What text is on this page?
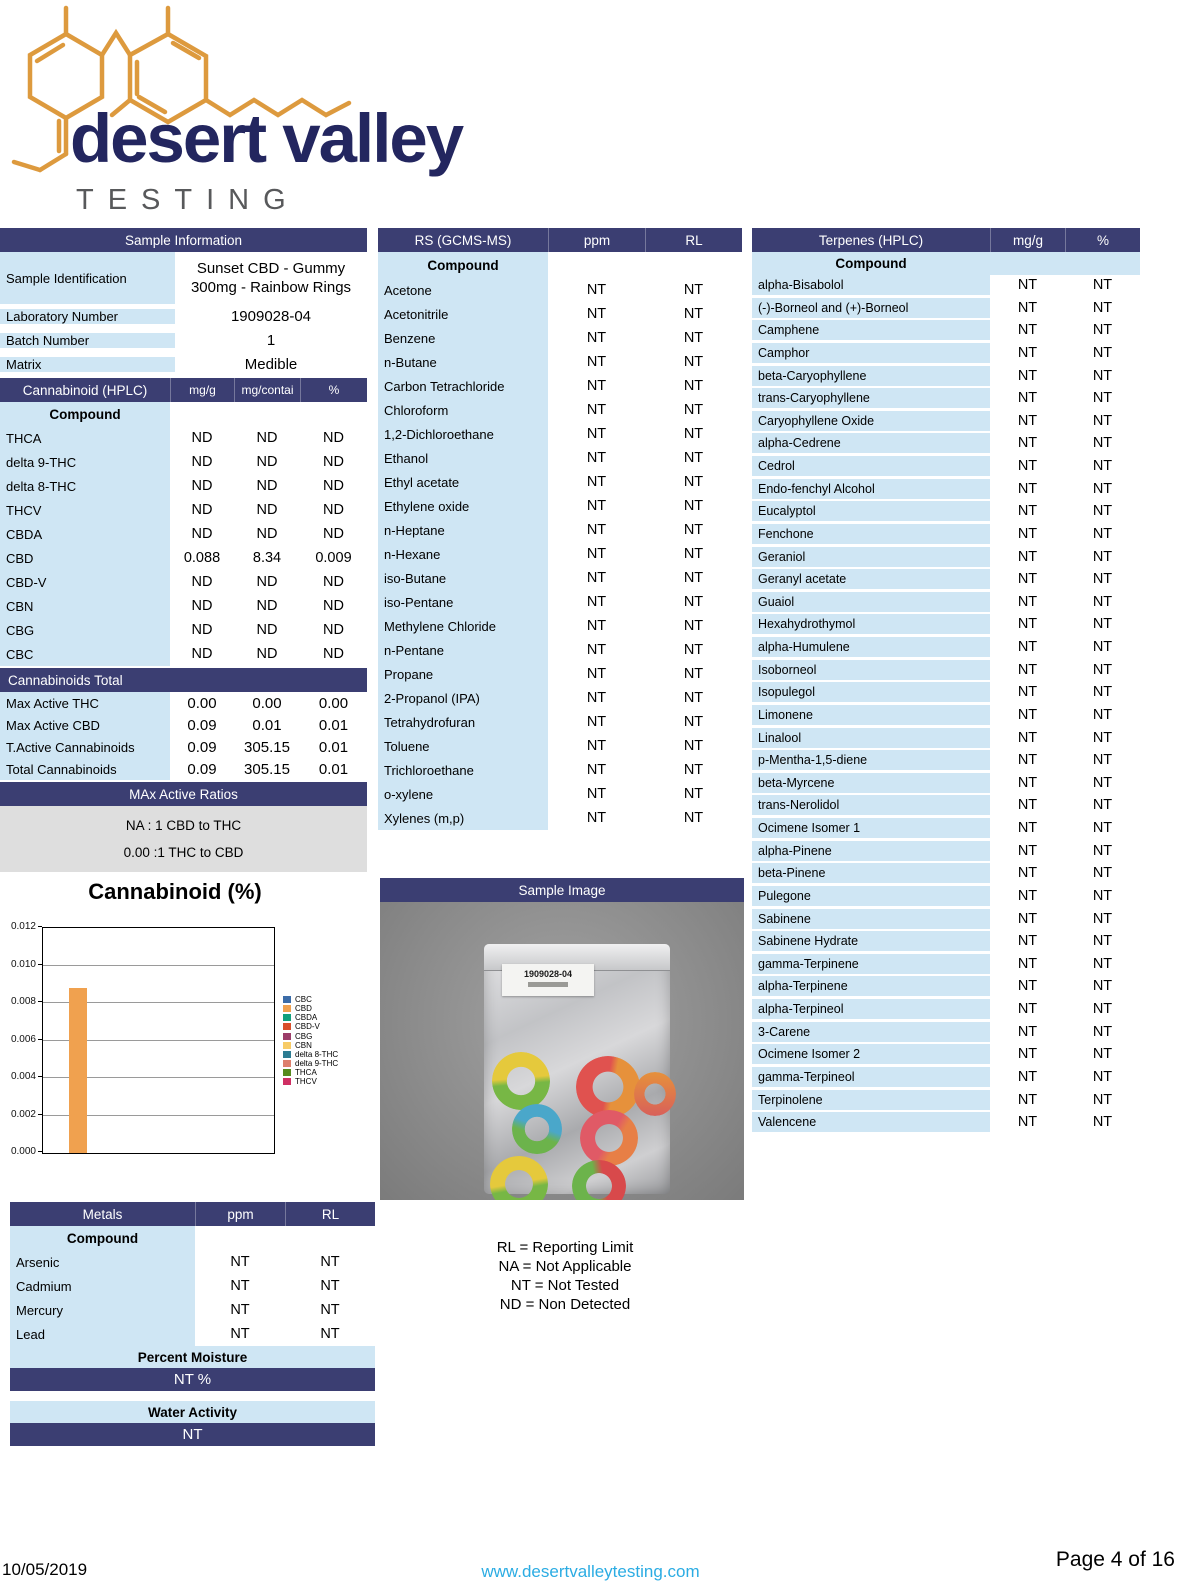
desert valley
TESTING
Sample Information
Sample Identification
Sunset CBD - Gummy 300mg - Rainbow Rings
Laboratory Number	1909028-04
Batch Number	1
Matrix	Medible
Cannabinoid (HPLC)	mg/g	mg/contai	%
Compound
THCA	ND	ND	ND
delta 9-THC	ND	ND	ND
delta 8-THC	ND	ND	ND
THCV	ND	ND	ND
CBDA	ND	ND	ND
CBD	0.088	8.34	0.009
CBD-V	ND	ND	ND
CBN	ND	ND	ND
CBG	ND	ND	ND
CBC	ND	ND	ND
Cannabinoids Total
Max Active THC	0.00	0.00	0.00
Max Active CBD	0.09	0.01	0.01
T.Active Cannabinoids	0.09	305.15	0.01
Total Cannabinoids	0.09	305.15	0.01
MAx Active Ratios
NA : 1 CBD to THC
0.00 :1 THC to CBD
Cannabinoid (%)
0.000
0.002
0.004
0.006
0.008
0.010
0.012
CBC
CBD
CBDA
CBD-V
CBG
CBN
delta 8-THC
delta 9-THC
THCA
THCV
RS (GCMS-MS)	ppm	RL
Compound
Acetone	NT	NT
Acetonitrile	NT	NT
Benzene	NT	NT
n-Butane	NT	NT
Carbon Tetrachloride	NT	NT
Chloroform	NT	NT
1,2-Dichloroethane	NT	NT
Ethanol	NT	NT
Ethyl acetate	NT	NT
Ethylene oxide	NT	NT
n-Heptane	NT	NT
n-Hexane	NT	NT
iso-Butane	NT	NT
iso-Pentane	NT	NT
Methylene Chloride	NT	NT
n-Pentane	NT	NT
Propane	NT	NT
2-Propanol (IPA)	NT	NT
Tetrahydrofuran	NT	NT
Toluene	NT	NT
Trichloroethane	NT	NT
o-xylene	NT	NT
Xylenes (m,p)	NT	NT
Terpenes (HPLC)	mg/g	%
Compound
alpha-Bisabolol	NT	NT
(-)-Borneol and (+)-Borneol	NT	NT
Camphene	NT	NT
Camphor	NT	NT
beta-Caryophyllene	NT	NT
trans-Caryophyllene	NT	NT
Caryophyllene Oxide	NT	NT
alpha-Cedrene	NT	NT
Cedrol	NT	NT
Endo-fenchyl Alcohol	NT	NT
Eucalyptol	NT	NT
Fenchone	NT	NT
Geraniol	NT	NT
Geranyl acetate	NT	NT
Guaiol	NT	NT
Hexahydrothymol	NT	NT
alpha-Humulene	NT	NT
Isoborneol	NT	NT
Isopulegol	NT	NT
Limonene	NT	NT
Linalool	NT	NT
p-Mentha-1,5-diene	NT	NT
beta-Myrcene	NT	NT
trans-Nerolidol	NT	NT
Ocimene Isomer 1	NT	NT
alpha-Pinene	NT	NT
beta-Pinene	NT	NT
Pulegone	NT	NT
Sabinene	NT	NT
Sabinene Hydrate	NT	NT
gamma-Terpinene	NT	NT
alpha-Terpinene	NT	NT
alpha-Terpineol	NT	NT
3-Carene	NT	NT
Ocimene Isomer 2	NT	NT
gamma-Terpineol	NT	NT
Terpinolene	NT	NT
Valencene	NT	NT
Sample Image
1909028-04
RL = Reporting Limit
NA = Not Applicable
NT = Not Tested
ND = Non Detected
Metals	ppm	RL
Compound
Arsenic	NT	NT
Cadmium	NT	NT
Mercury	NT	NT
Lead	NT	NT
Percent Moisture
NT %
Water Activity
NT
10/05/2019	www.desertvalleytesting.com
Page 4 of 16
